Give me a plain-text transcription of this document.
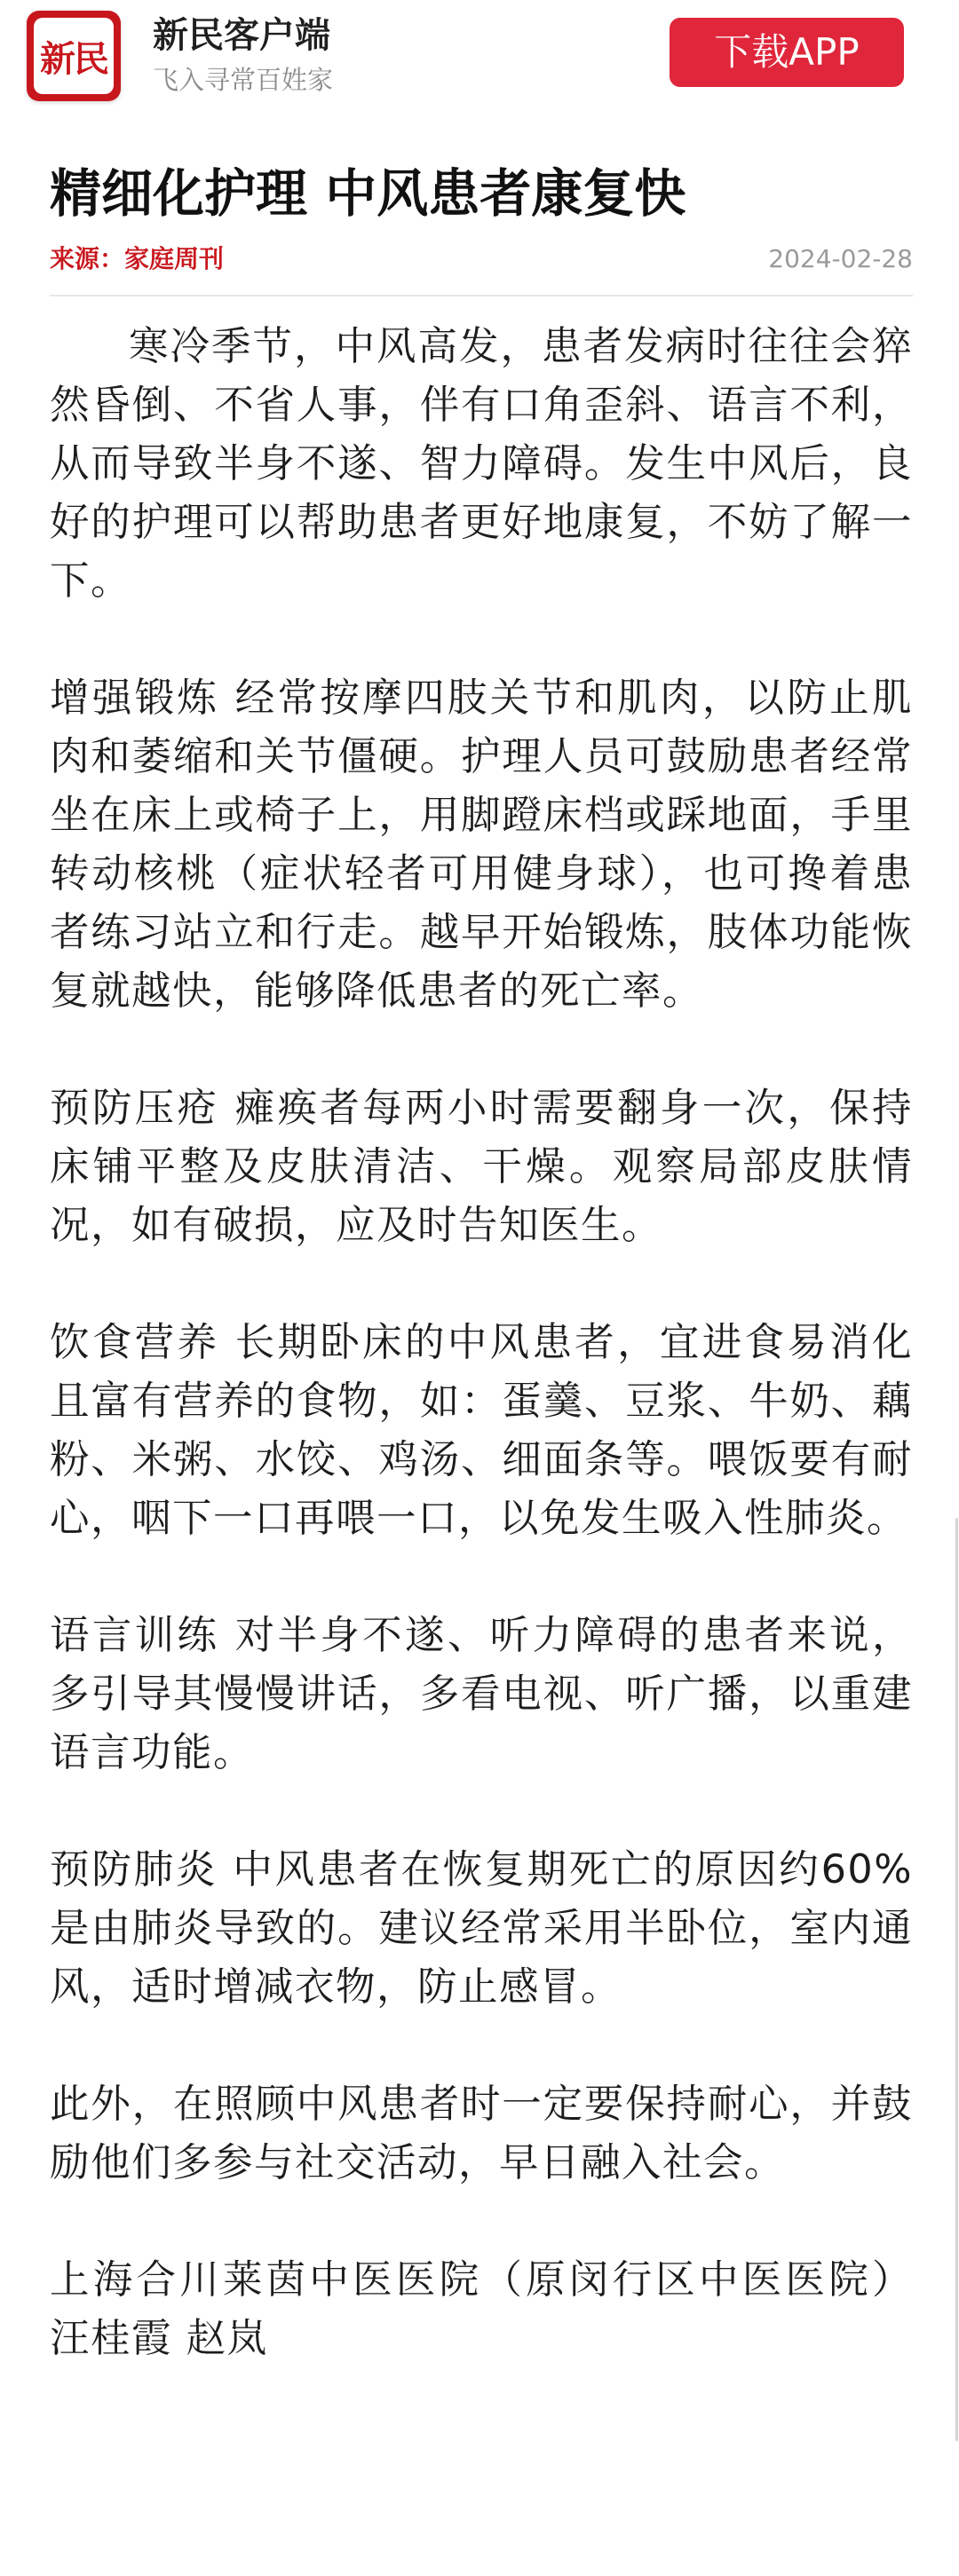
新民
新民客户端
飞入寻常百姓家
下载APP
精细化护理 中风患者康复快
来源：家庭周刊	2024-02-28

寒冷季节，中风高发，患者发病时往往会猝然昏倒、不省人事，伴有口角歪斜、语言不利，从而导致半身不遂、智力障碍。发生中风后，良好的护理可以帮助患者更好地康复，不妨了解一下。

增强锻炼 经常按摩四肢关节和肌肉，以防止肌肉和萎缩和关节僵硬。护理人员可鼓励患者经常坐在床上或椅子上，用脚蹬床档或踩地面，手里转动核桃（症状轻者可用健身球），也可搀着患者练习站立和行走。越早开始锻炼，肢体功能恢复就越快，能够降低患者的死亡率。

预防压疮 瘫痪者每两小时需要翻身一次，保持床铺平整及皮肤清洁、干燥。观察局部皮肤情况，如有破损，应及时告知医生。

饮食营养 长期卧床的中风患者，宜进食易消化且富有营养的食物，如：蛋羹、豆浆、牛奶、藕粉、米粥、水饺、鸡汤、细面条等。喂饭要有耐心，咽下一口再喂一口，以免发生吸入性肺炎。

语言训练 对半身不遂、听力障碍的患者来说，多引导其慢慢讲话，多看电视、听广播，以重建语言功能。

预防肺炎 中风患者在恢复期死亡的原因约60%是由肺炎导致的。建议经常采用半卧位，室内通风，适时增减衣物，防止感冒。

此外，在照顾中风患者时一定要保持耐心，并鼓励他们多参与社交活动，早日融入社会。

上海合川莱茵中医医院（原闵行区中医医院） 汪桂霞 赵岚
